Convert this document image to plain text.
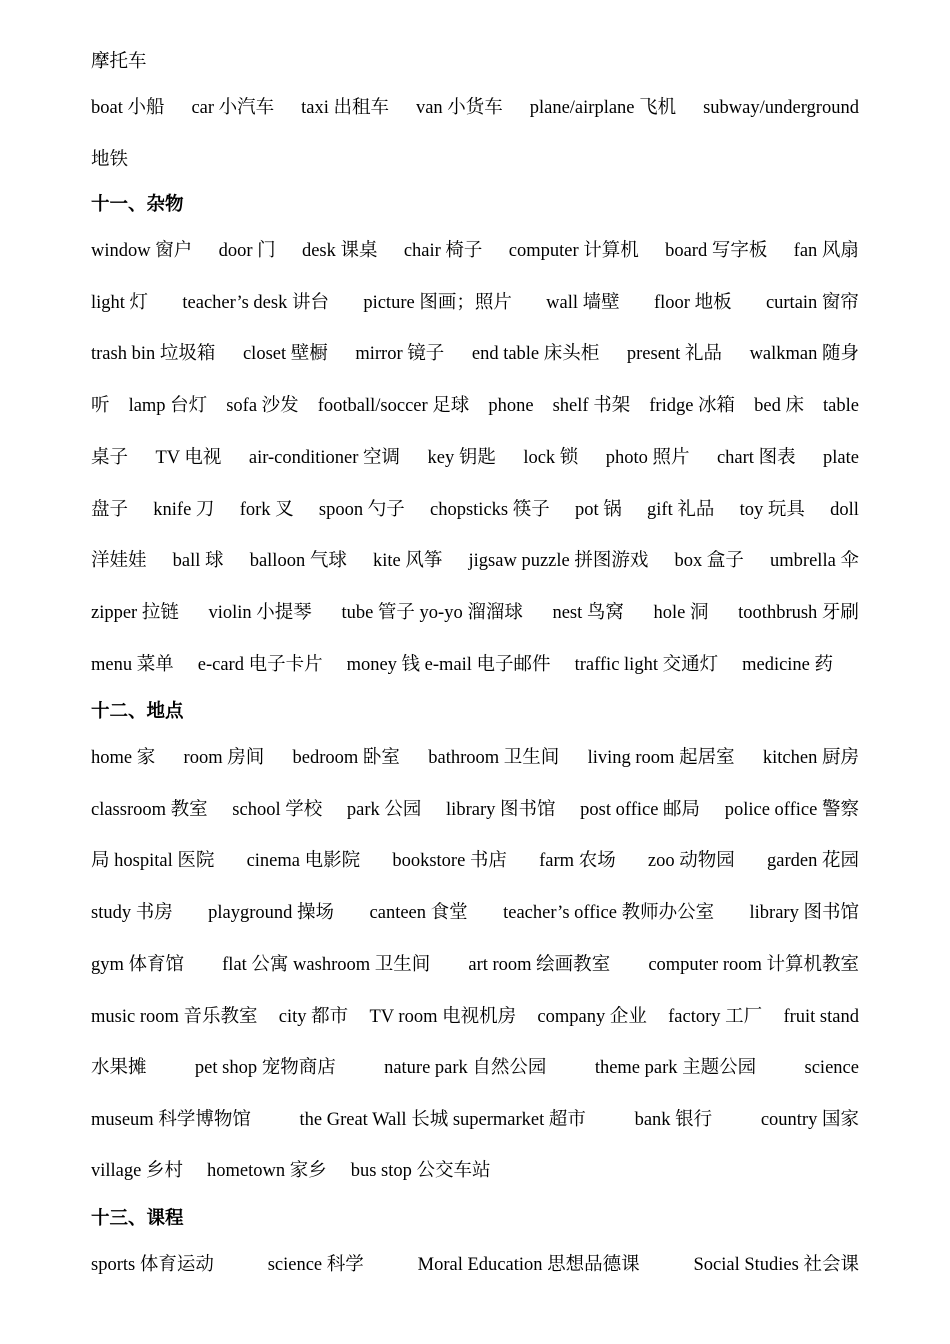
摩托车
boat 小船 car 小汽车 taxi 出租车 van 小货车 plane/airplane 飞机 subway/underground
地铁
十一、杂物
window 窗户 door 门 desk 课桌 chair 椅子 computer 计算机 board 写字板 fan 风扇
light 灯 teacher’s desk 讲台 picture 图画；照片 wall 墙壁 floor 地板 curtain 窗帘
trash bin 垃圾箱 closet 壁橱 mirror 镜子 end table 床头柜 present 礼品 walkman 随身
听 lamp 台灯 sofa 沙发 football/soccer 足球 phone shelf 书架 fridge 冰箱 bed 床 table
桌子 TV 电视 air-conditioner 空调 key 钥匙 lock 锁 photo 照片 chart 图表 plate
盘子 knife 刀 fork 叉 spoon 勺子 chopsticks 筷子 pot 锅 gift 礼品 toy 玩具 doll
洋娃娃 ball 球 balloon 气球 kite 风筝 jigsaw puzzle 拼图游戏 box 盒子 umbrella 伞
zipper 拉链 violin 小提琴 tube 管子 yo-yo 溜溜球 nest 鸟窝 hole 洞 toothbrush 牙刷
menu 菜单 e-card 电子卡片 money 钱 e-mail 电子邮件 traffic light 交通灯 medicine 药
十二、地点
home 家 room 房间 bedroom 卧室 bathroom 卫生间 living room 起居室 kitchen 厨房
classroom 教室 school 学校 park 公园 library 图书馆 post office 邮局 police office 警察
局 hospital 医院 cinema 电影院 bookstore 书店 farm 农场 zoo 动物园 garden 花园
study 书房 playground 操场 canteen 食堂 teacher’s office 教师办公室 library 图书馆
gym 体育馆 flat 公寓 washroom 卫生间 art room 绘画教室 computer room 计算机教室
music room 音乐教室 city 都市 TV room 电视机房 company 企业 factory 工厂 fruit stand
水果摊	pet shop 宠物商店	nature park 自然公园	theme park 主题公园	science
museum 科学博物馆	the Great Wall 长城 supermarket 超市	bank 银行	country 国家
village 乡村 hometown 家乡 bus stop 公交车站
十三、课程
sports 体育运动	science 科学	Moral Education 思想品德课	Social Studies 社会课
